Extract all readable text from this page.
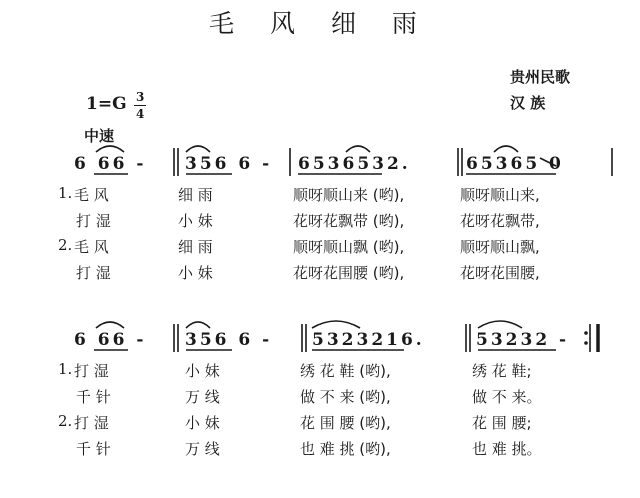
毛 风 细 雨
贵州民歌
汉 族
1=G 3
4
中速
6 66 - 356 6 - 6536532.	65365 0
1. 毛 风	细 雨	顺呀顺山来 (哟),	顺呀顺山来,
打 湿	小 妹	花呀花飘带 (哟),	花呀花飘带,
2. 毛 风	细 雨	顺呀顺山飘 (哟),	顺呀顺山飘,
打 湿	小 妹	花呀花围腰 (哟),	花呀花围腰,
6 66 - 356 6 - 5323216.	53232 -
1. 打 湿	小 妹	绣 花 鞋 (哟),	绣 花 鞋;
千 针	万 线	做 不 来 (哟),	做 不 来。
2. 打 湿	小 妹	花 围 腰 (哟),	花 围 腰;
千 针	万 线	也 难 挑 (哟),	也 难 挑。
